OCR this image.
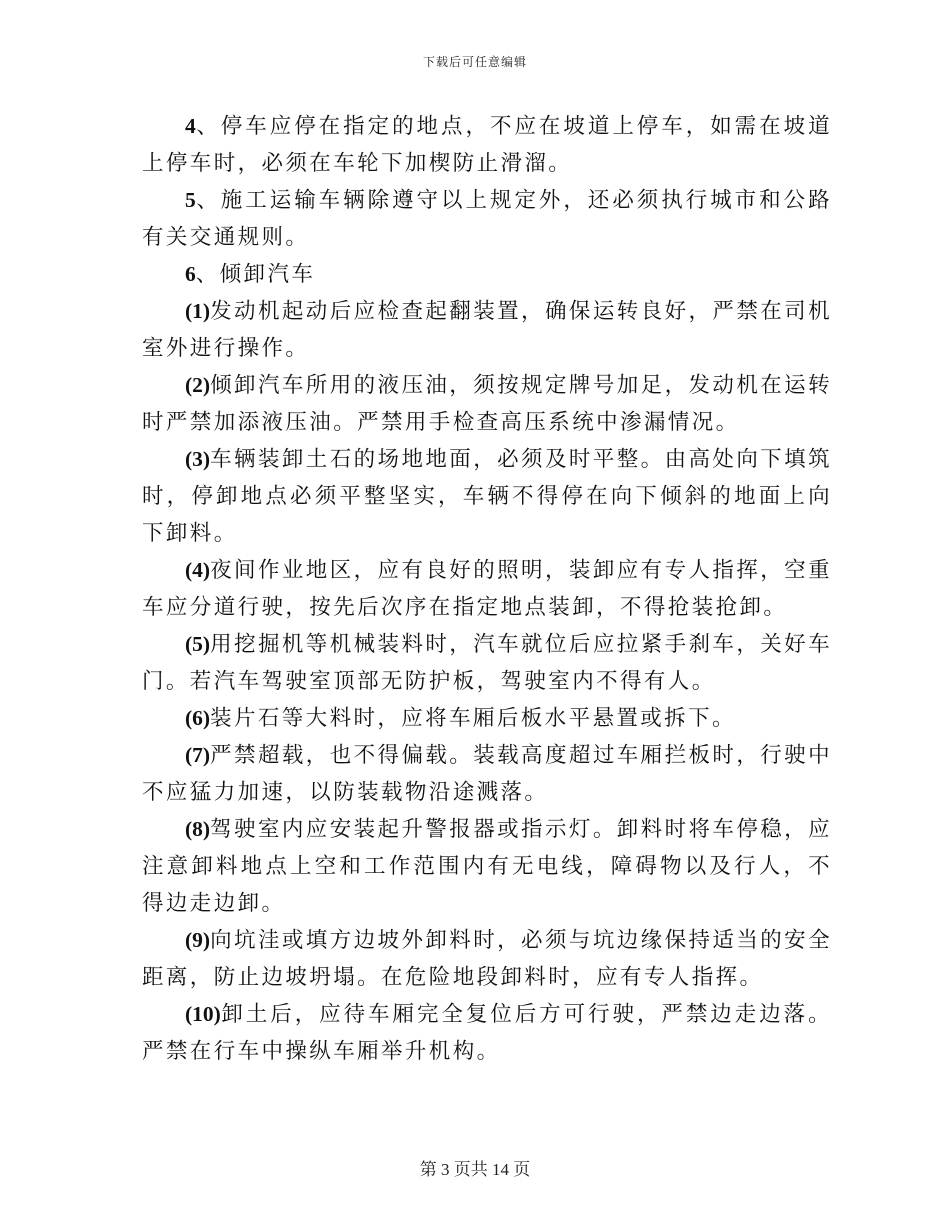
下载后可任意编辑

4、停车应停在指定的地点，不应在坡道上停车，如需在坡道上停车时，必须在车轮下加楔防止滑溜。

5、施工运输车辆除遵守以上规定外，还必须执行城市和公路有关交通规则。

6、倾卸汽车

(1)发动机起动后应检查起翻装置，确保运转良好，严禁在司机室外进行操作。

(2)倾卸汽车所用的液压油，须按规定牌号加足，发动机在运转时严禁加添液压油。严禁用手检查高压系统中渗漏情况。

(3)车辆装卸土石的场地地面，必须及时平整。由高处向下填筑时，停卸地点必须平整坚实，车辆不得停在向下倾斜的地面上向下卸料。

(4)夜间作业地区，应有良好的照明，装卸应有专人指挥，空重车应分道行驶，按先后次序在指定地点装卸，不得抢装抢卸。

(5)用挖掘机等机械装料时，汽车就位后应拉紧手刹车，关好车门。若汽车驾驶室顶部无防护板，驾驶室内不得有人。

(6)装片石等大料时，应将车厢后板水平悬置或拆下。

(7)严禁超载，也不得偏载。装载高度超过车厢拦板时，行驶中不应猛力加速，以防装载物沿途溅落。

(8)驾驶室内应安装起升警报器或指示灯。卸料时将车停稳，应注意卸料地点上空和工作范围内有无电线，障碍物以及行人，不得边走边卸。

(9)向坑洼或填方边坡外卸料时，必须与坑边缘保持适当的安全距离，防止边坡坍塌。在危险地段卸料时，应有专人指挥。

(10)卸土后，应待车厢完全复位后方可行驶，严禁边走边落。严禁在行车中操纵车厢举升机构。

第 3 页共 14 页
